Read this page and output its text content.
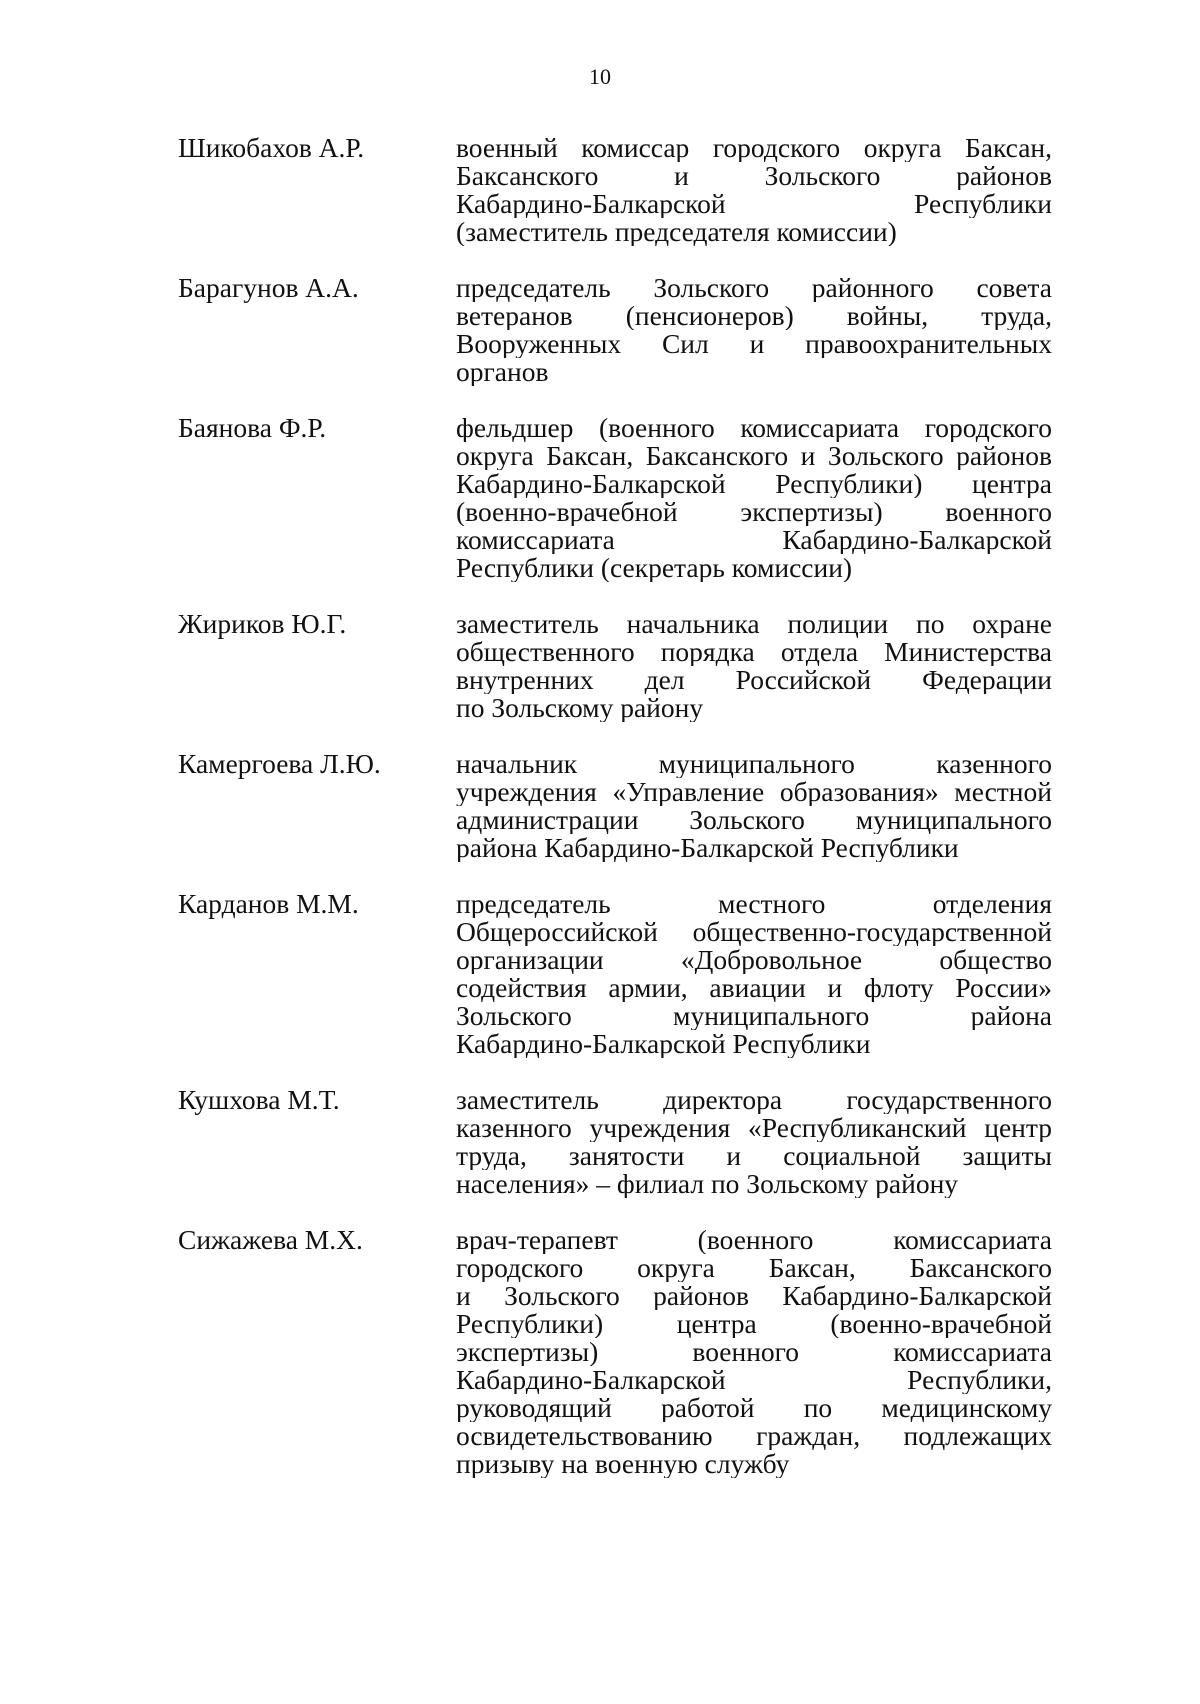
10
Шикобахов А.Р.	военный комиссар городского округа Баксан,
Баксанского и Зольского районов
Кабардино-Балкарской Республики
(заместитель председателя комиссии)
Барагунов А.А.	председатель Зольского районного совета
ветеранов (пенсионеров) войны, труда,
Вооруженных Сил и правоохранительных
органов
Баянова Ф.Р.	фельдшер (военного комиссариата городского
округа Баксан, Баксанского и Зольского районов
Кабардино-Балкарской Республики) центра
(военно-врачебной экспертизы) военного
комиссариата Кабардино-Балкарской
Республики (секретарь комиссии)
Жириков Ю.Г.	заместитель начальника полиции по охране
общественного порядка отдела Министерства
внутренних дел Российской Федерации
по Зольскому району
Камергоева Л.Ю.	начальник муниципального казенного
учреждения «Управление образования» местной
администрации Зольского муниципального
района Кабардино-Балкарской Республики
Карданов М.М.	председатель местного отделения
Общероссийской общественно-государственной
организации «Добровольное общество
содействия армии, авиации и флоту России»
Зольского муниципального района
Кабардино-Балкарской Республики
Кушхова М.Т.	заместитель директора государственного
казенного учреждения «Республиканский центр
труда, занятости и социальной защиты
населения» – филиал по Зольскому району
Сижажева М.Х.	врач-терапевт (военного комиссариата
городского округа Баксан, Баксанского
и Зольского районов Кабардино-Балкарской
Республики) центра (военно-врачебной
экспертизы) военного комиссариата
Кабардино-Балкарской Республики,
руководящий работой по медицинскому
освидетельствованию граждан, подлежащих
призыву на военную службу
